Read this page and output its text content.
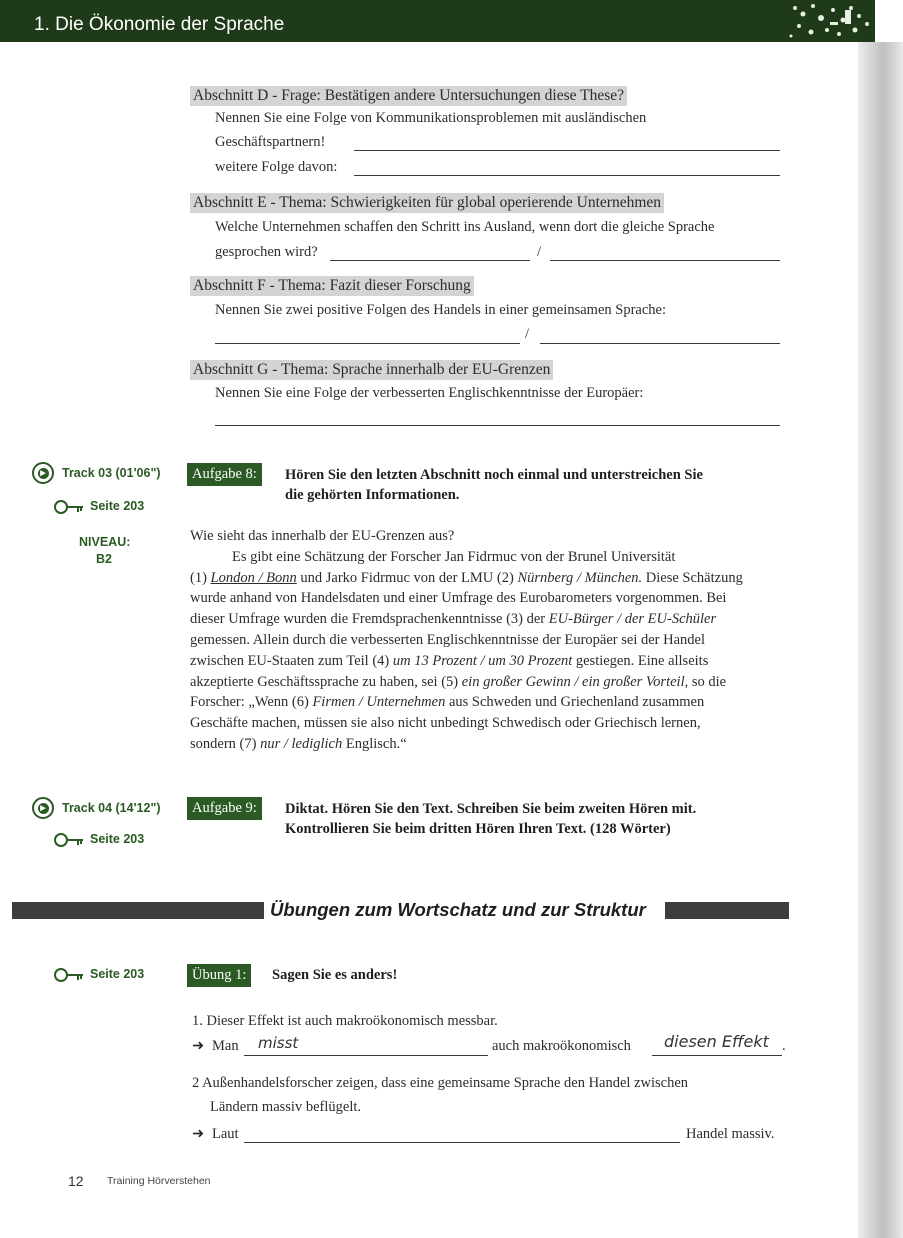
1. Die Ökonomie der Sprache
Abschnitt D - Frage: Bestätigen andere Untersuchungen diese These?
Nennen Sie eine Folge von Kommunikationsproblemen mit ausländischen
Geschäftspartnern!
weitere Folge davon:
Abschnitt E - Thema: Schwierigkeiten für global operierende Unternehmen
Welche Unternehmen schaffen den Schritt ins Ausland, wenn dort die gleiche Sprache
gesprochen wird?	/
Abschnitt F - Thema: Fazit dieser Forschung
Nennen Sie zwei positive Folgen des Handels in einer gemeinsamen Sprache:
/
Abschnitt G - Thema: Sprache innerhalb der EU-Grenzen
Nennen Sie eine Folge der verbesserten Englischkenntnisse der Europäer:
▶ Track 03 (01'06")
Seite 203
NIVEAU:
B2
Aufgabe 8:	Hören Sie den letzten Abschnitt noch einmal und unterstreichen Sie
die gehörten Informationen.

Wie sieht das innerhalb der EU-Grenzen aus?

Es gibt eine Schätzung der Forscher Jan Fidrmuc von der Brunel Universität

(1) London / Bonn und Jarko Fidrmuc von der LMU (2) Nürnberg / München. Diese Schätzung

wurde anhand von Handelsdaten und einer Umfrage des Eurobarometers vorgenommen. Bei

dieser Umfrage wurden die Fremdsprachenkenntnisse (3) der EU-Bürger / der EU-Schüler

gemessen. Allein durch die verbesserten Englischkenntnisse der Europäer sei der Handel

zwischen EU-Staaten zum Teil (4) um 13 Prozent / um 30 Prozent gestiegen. Eine allseits

akzeptierte Geschäftssprache zu haben, sei (5) ein großer Gewinn / ein großer Vorteil, so die

Forscher: „Wenn (6) Firmen / Unternehmen aus Schweden und Griechenland zusammen

Geschäfte machen, müssen sie also nicht unbedingt Schwedisch oder Griechisch lernen,

sondern (7) nur / lediglich Englisch.“

▶ Track 04 (14'12")
Seite 203
Aufgabe 9:	Diktat. Hören Sie den Text. Schreiben Sie beim zweiten Hören mit.
Kontrollieren Sie beim dritten Hören Ihren Text. (128 Wörter)
Übungen zum Wortschatz und zur Struktur
Seite 203	Übung 1:	Sagen Sie es anders!
1. Dieser Effekt ist auch makroökonomisch messbar.
➜ Man misst	auch makroökonomisch diesen Effekt .
2 Außenhandelsforscher zeigen, dass eine gemeinsame Sprache den Handel zwischen
Ländern massiv beflügelt.
➜ Laut	Handel massiv.
12 Training Hörverstehen
